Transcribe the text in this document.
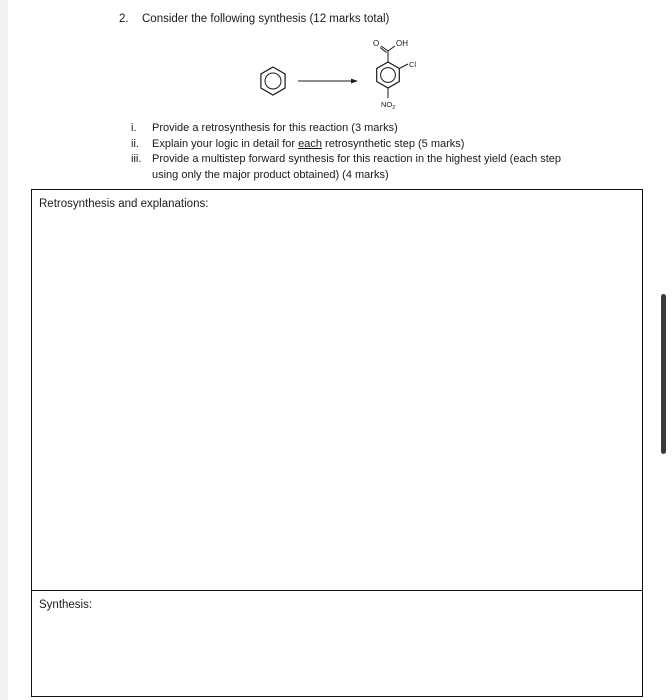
2. Consider the following synthesis (12 marks total)
O OH
Cl
$NO_2$
i.	Provide a retrosynthesis for this reaction (3 marks)
ii.	Explain your logic in detail for each retrosynthetic step (5 marks)
iii. Provide a multistep forward synthesis for this reaction in the highest yield (each step using only the major product obtained) (4 marks)
Retrosynthesis and explanations:
Synthesis:
